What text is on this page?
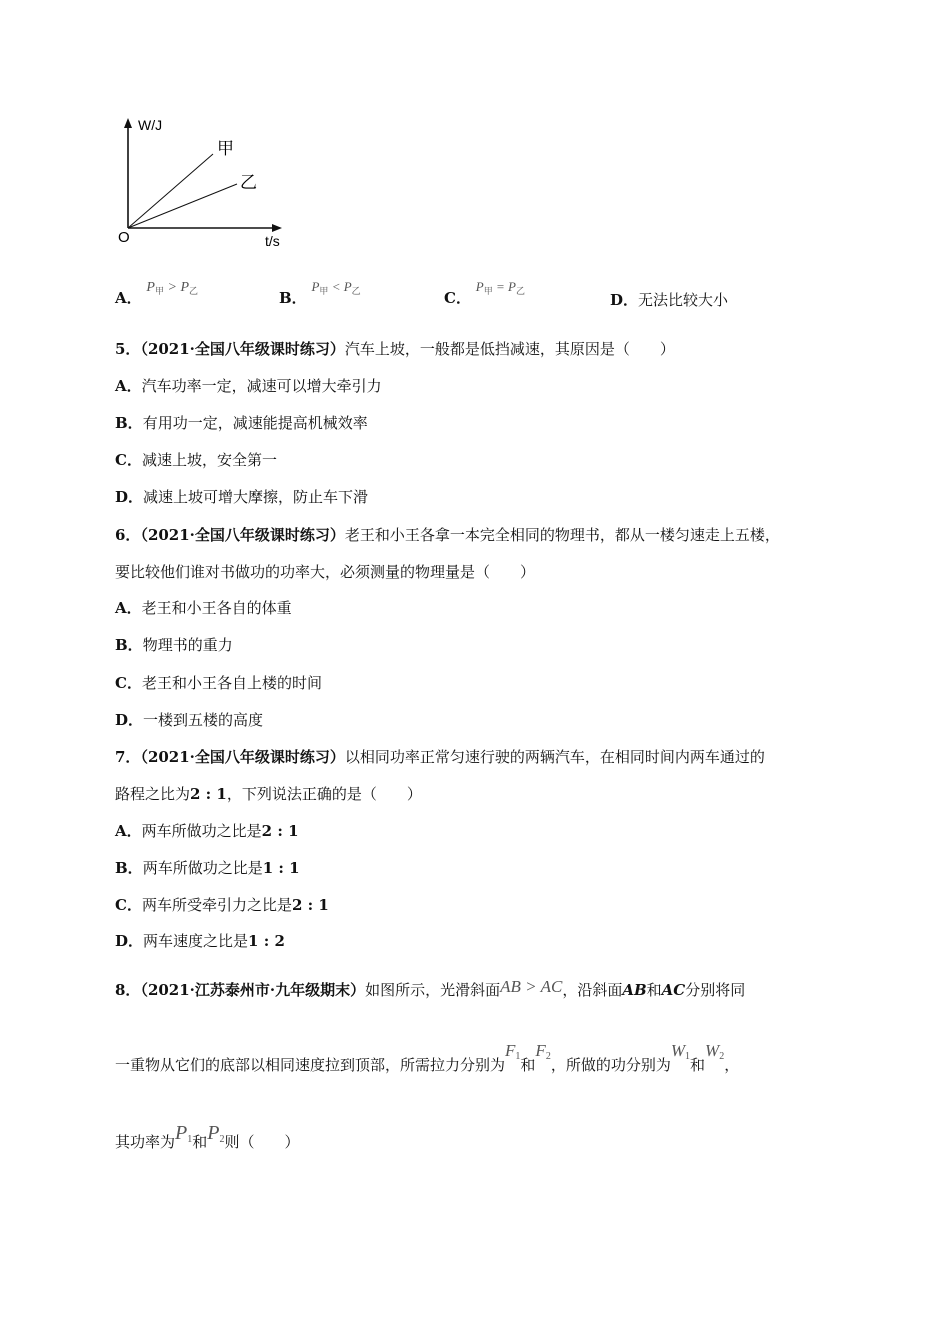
W/J
t/s
O
甲
乙
A． $P_甲 > P_乙$	B． $P_甲 < P_乙$	C． $P_甲 = P_乙$	D．无法比较大小
5．（2021·全国八年级课时练习）汽车上坡，一般都是低挡减速，其原因是（　　）
A．汽车功率一定，减速可以增大牵引力
B．有用功一定，减速能提高机械效率
C．减速上坡，安全第一
D．减速上坡可增大摩擦，防止车下滑
6．（2021·全国八年级课时练习）老王和小王各拿一本完全相同的物理书，都从一楼匀速走上五楼，
要比较他们谁对书做功的功率大，必须测量的物理量是（　　）
A．老王和小王各自的体重
B．物理书的重力
C．老王和小王各自上楼的时间
D．一楼到五楼的高度
7．（2021·全国八年级课时练习）以相同功率正常匀速行驶的两辆汽车，在相同时间内两车通过的
路程之比为2 : 1，下列说法正确的是（　　）
A．两车所做功之比是2 : 1
B．两车所做功之比是1 : 1
C．两车所受牵引力之比是2 : 1
D．两车速度之比是1 : 2
8．（2021·江苏泰州市·九年级期末）如图所示，光滑斜面AB > AC，沿斜面AB和AC分别将同
一重物从它们的底部以相同速度拉到顶部，所需拉力分别为$F_1$和$F_2$，所做的功分别为$W_1$和$W_2$，
其功率为$P_1$和$P_2$则（　　）
